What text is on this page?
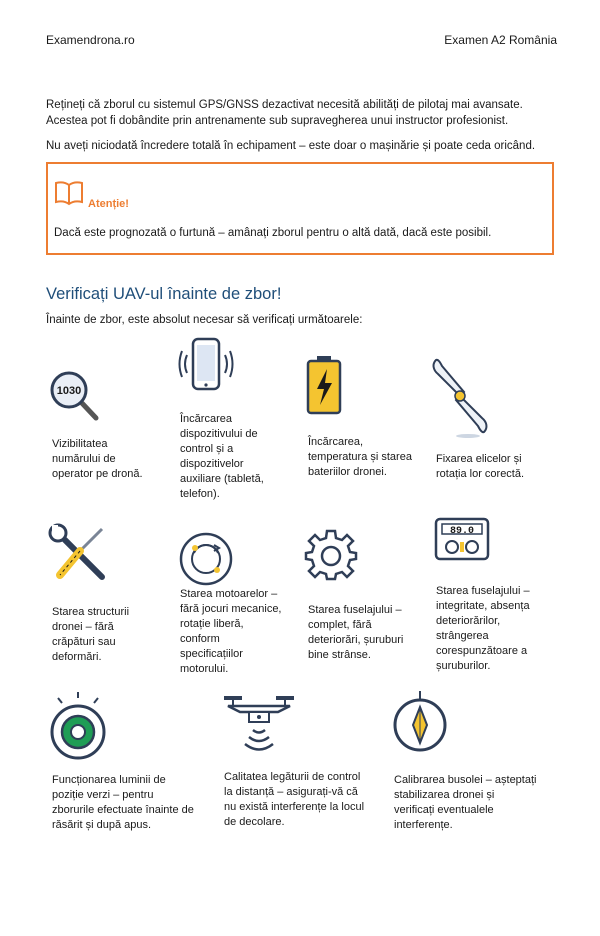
Examendrona.ro	Examen A2 România
Rețineți că zborul cu sistemul GPS/GNSS dezactivat necesită abilități de pilotaj mai avansate.
Acestea pot fi dobândite prin antrenamente sub supravegherea unui instructor profesionist.
Nu aveți niciodată încredere totală în echipament – este doar o mașinărie și poate ceda oricând.
Atenție!
Dacă este prognozată o furtună – amânați zborul pentru o altă dată, dacă este posibil.
Verificați UAV-ul înainte de zbor!
Înainte de zbor, este absolut necesar să verificați următoarele:
1030
Vizibilitatea
numărului de
operator pe dronă.
Încărcarea
dispozitivului de
control și a
dispozitivelor
auxiliare (tabletă,
telefon).
Încărcarea,
temperatura și starea
bateriilor dronei.
Fixarea elicelor și
rotația lor corectă.
89.0
Starea structurii
dronei – fără
crăpături sau
deformări.
Starea motoarelor –
fără jocuri mecanice,
rotație liberă,
conform
specificațiilor
motorului.
Starea fuselajului –
complet, fără
deteriorări, șuruburi
bine strânse.
Starea fuselajului –
integritate, absența
deteriorărilor,
strângerea
corespunzătoare a
șuruburilor.
Funcționarea luminii de
poziție verzi – pentru
zborurile efectuate înainte de
răsărit și după apus.
Calitatea legăturii de control
la distanță – asigurați-vă că
nu există interferențe la locul
de decolare.
Calibrarea busolei – așteptați
stabilizarea dronei și
verificați eventualele
interferențe.
